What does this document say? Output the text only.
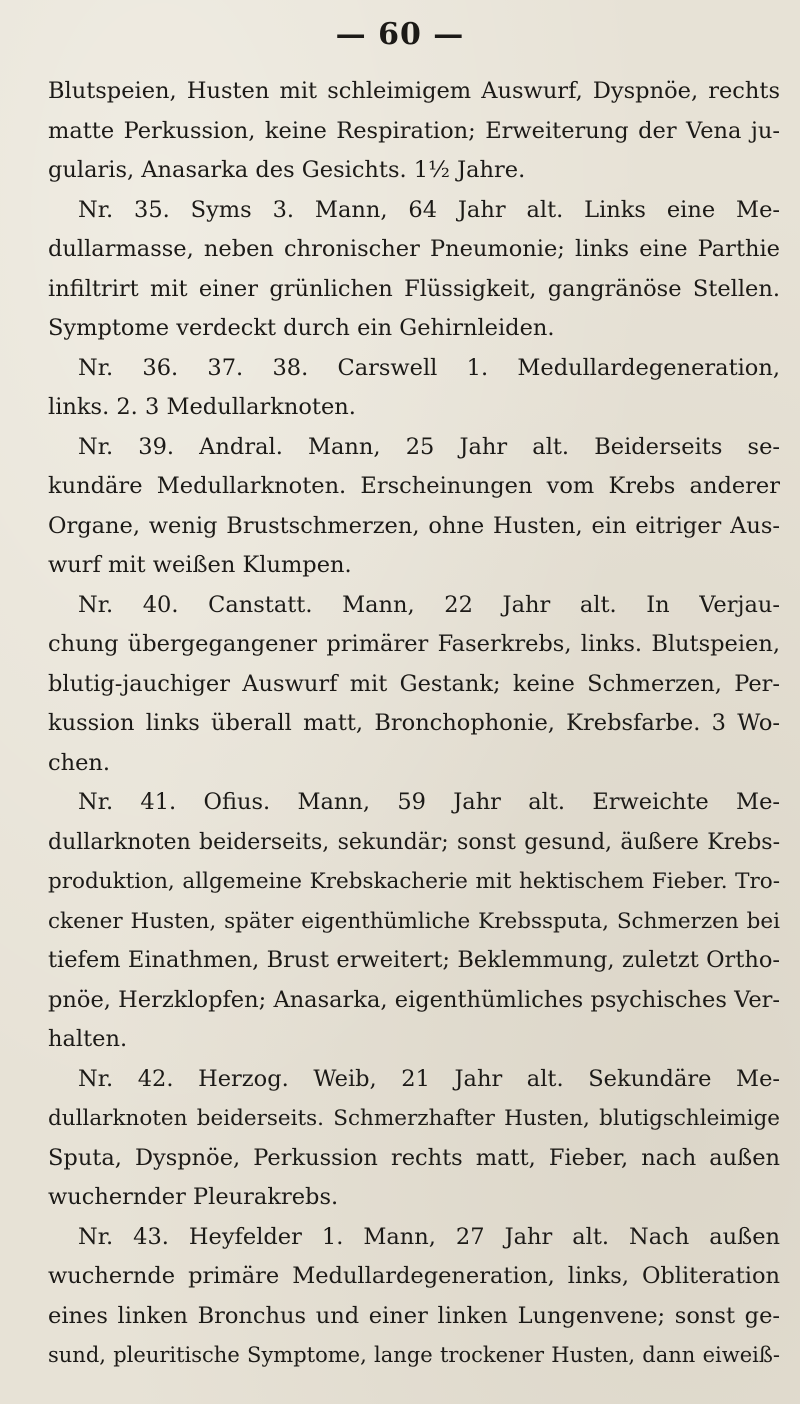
— 60 —
Blutspeien, Husten mit schleimigem Auswurf, Dyspnöe, rechts
matte Perkussion, keine Respiration; Erweiterung der Vena ju-
gularis, Anasarka des Gesichts. 1½ Jahre.
Nr. 35. Syms 3. Mann, 64 Jahr alt. Links eine Me-
dullarmasse, neben chronischer Pneumonie; links eine Parthie
infiltrirt mit einer grünlichen Flüssigkeit, gangränöse Stellen.
Symptome verdeckt durch ein Gehirnleiden.
Nr. 36. 37. 38. Carswell 1. Medullardegeneration,
links. 2. 3 Medullarknoten.
Nr. 39. Andral. Mann, 25 Jahr alt. Beiderseits se-
kundäre Medullarknoten. Erscheinungen vom Krebs anderer
Organe, wenig Brustschmerzen, ohne Husten, ein eitriger Aus-
wurf mit weißen Klumpen.
Nr. 40. Canstatt. Mann, 22 Jahr alt. In Verjau-
chung übergegangener primärer Faserkrebs, links. Blutspeien,
blutig-jauchiger Auswurf mit Gestank; keine Schmerzen, Per-
kussion links überall matt, Bronchophonie, Krebsfarbe. 3 Wo-
chen.
Nr. 41. Ofius. Mann, 59 Jahr alt. Erweichte Me-
dullarknoten beiderseits, sekundär; sonst gesund, äußere Krebs-
produktion, allgemeine Krebskacherie mit hektischem Fieber. Tro-
ckener Husten, später eigenthümliche Krebssputa, Schmerzen bei
tiefem Einathmen, Brust erweitert; Beklemmung, zuletzt Ortho-
pnöe, Herzklopfen; Anasarka, eigenthümliches psychisches Ver-
halten.
Nr. 42. Herzog. Weib, 21 Jahr alt. Sekundäre Me-
dullarknoten beiderseits. Schmerzhafter Husten, blutigschleimige
Sputa, Dyspnöe, Perkussion rechts matt, Fieber, nach außen
wuchernder Pleurakrebs.
Nr. 43. Heyfelder 1. Mann, 27 Jahr alt. Nach außen
wuchernde primäre Medullardegeneration, links, Obliteration
eines linken Bronchus und einer linken Lungenvene; sonst ge-
sund, pleuritische Symptome, lange trockener Husten, dann eiweiß-
